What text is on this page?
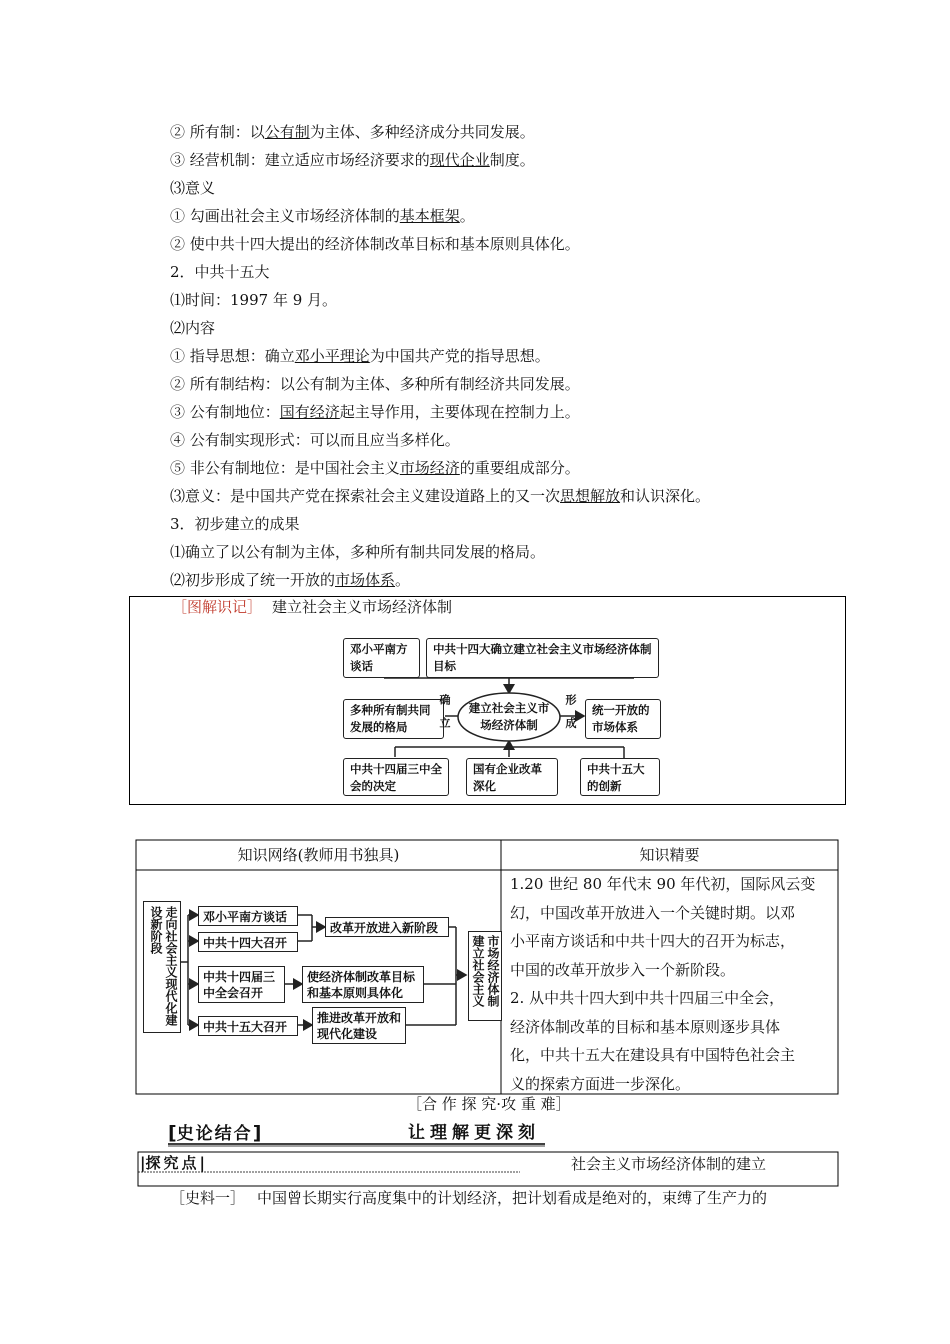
② 所有制：以公有制为主体、多种经济成分共同发展。
③ 经营机制：建立适应市场经济要求的现代企业制度。
⑶意义
① 勾画出社会主义市场经济体制的基本框架。
② 使中共十四大提出的经济体制改革目标和基本原则具体化。
2．中共十五大
⑴时间：1997 年 9 月。
⑵内容
① 指导思想：确立邓小平理论为中国共产党的指导思想。
② 所有制结构：以公有制为主体、多种所有制经济共同发展。
③ 公有制地位：国有经济起主导作用，主要体现在控制力上。
④ 公有制实现形式：可以而且应当多样化。
⑤ 非公有制地位：是中国社会主义市场经济的重要组成部分。
⑶意义：是中国共产党在探索社会主义建设道路上的又一次思想解放和认识深化。
3．初步建立的成果
⑴确立了以公有制为主体，多种所有制共同发展的格局。
⑵初步形成了统一开放的市场体系。
［图解识记］ 建立社会主义市场经济体制
邓小平南方谈话
中共十四大确立建立社会主义市场经济体制目标
多种所有制共同发展的格局
建立社会主义市场经济体制
统一开放的市场体系
确立	形成
中共十四届三中全会的决定
国有企业改革深化
中共十五大的创新
知识网络(教师用书独具)	知识精要
走向社会主义现代化建设新阶段	邓小平南方谈话
中共十四大召开
中共十四届三中全会召开
中共十五大召开
改革开放进入新阶段
使经济体制改革目标和基本原则具体化
推进改革开放和现代化建设
市场经济体制建立社会主义
1.20 世纪 80 年代末 90 年代初，国际风云变
幻，中国改革开放进入一个关键时期。以邓
小平南方谈话和中共十四大的召开为标志，
中国的改革开放步入一个新阶段。
2. 从中共十四大到中共十四届三中全会，
经济体制改革的目标和基本原则逐步具体
化，中共十五大在建设具有中国特色社会主
义的探索方面进一步深化。
［合 作 探 究·攻 重 难］
[史论结合]	让理解更深刻
|探究点|	社会主义市场经济体制的建立
［史料一］ 中国曾长期实行高度集中的计划经济，把计划看成是绝对的，束缚了生产力的
